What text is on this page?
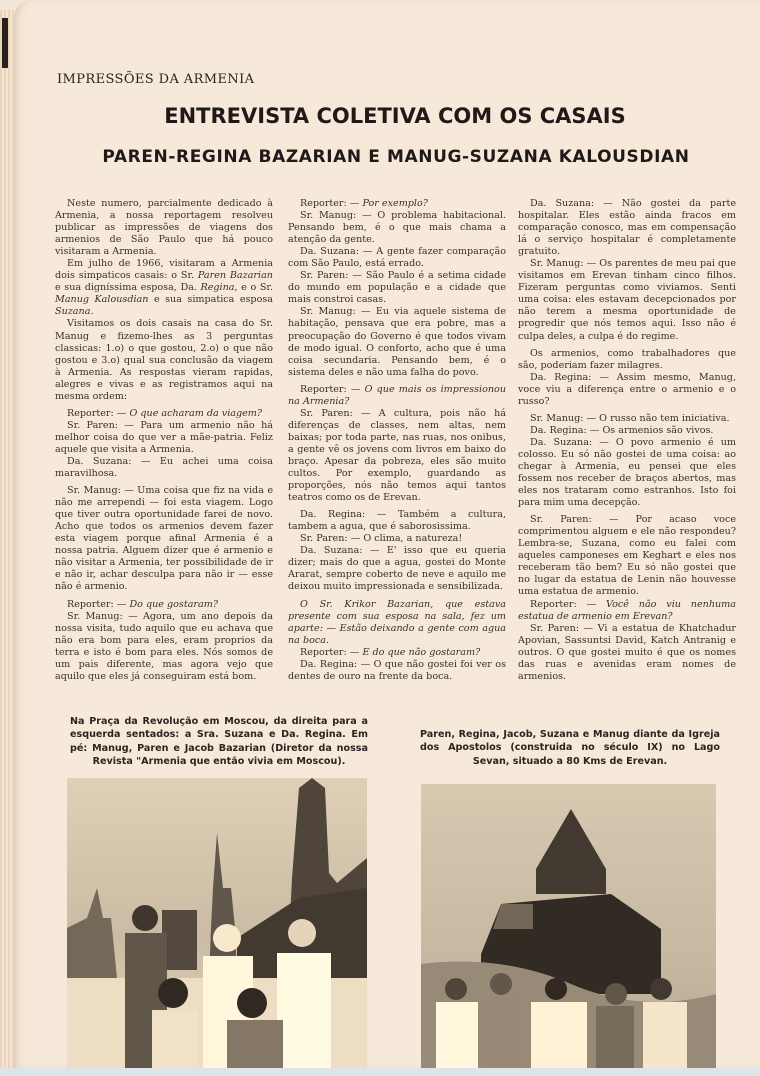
IMPRESSÕES DA ARMENIA
ENTREVISTA COLETIVA COM OS CASAIS
PAREN-REGINA BAZARIAN E MANUG-SUZANA KALOUSDIAN

Neste numero, parcialmente dedicado à Armenia, a nossa reportagem resolveu publicar as impressões de viagens dos armenios de São Paulo que há pouco visitaram a Armenia.

Em julho de 1966, visitaram a Armenia dois simpaticos casais: o Sr. Paren Bazarian e sua digníssima esposa, Da. Regina, e o Sr. Manug Kalousdian e sua simpatica esposa Suzana.

Visitamos os dois casais na casa do Sr. Manug e fizemo-lhes as 3 perguntas classicas: 1.o) o que gostou, 2.o) o que não gostou e 3.o) qual sua conclusão da viagem à Armenia. As respostas vieram rapidas, alegres e vivas e as registramos aqui na mesma ordem:

Reporter: — O que acharam da viagem?

Sr. Paren: — Para um armenio não há melhor coisa do que ver a mãe-patria. Feliz aquele que visita a Armenia.

Da. Suzana: — Eu achei uma coisa maravilhosa.

Sr. Manug: — Uma coisa que fiz na vida e não me arrependi — foi esta viagem. Logo que tiver outra oportunidade farei de novo. Acho que todos os armenios devem fazer esta viagem porque afinal Armenia é a nossa patria. Alguem dizer que é armenio e não visitar a Armenia, ter possibilidade de ir e não ir, achar desculpa para não ir — esse não é armenio.

Reporter: — Do que gostaram?

Sr. Manug: — Agora, um ano depois da nossa visita, tudo aquilo que eu achava que não era bom para eles, eram proprios da terra e isto é bom para eles. Nós somos de um pais diferente, mas agora vejo que aquilo que eles já conseguiram está bom.

Reporter: — Por exemplo?

Sr. Manug: — O problema habitacional. Pensando bem, é o que mais chama a atenção da gente.

Da. Suzana: — A gente fazer comparação com São Paulo, está errado.

Sr. Paren: — São Paulo é a setima cidade do mundo em população e a cidade que mais constroi casas.

Sr. Manug: — Eu via aquele sistema de habitação, pensava que era pobre, mas a preocupação do Governo é que todos vivam de modo igual. O conforto, acho que é uma coisa secundaria. Pensando bem, é o sistema deles e não uma falha do povo.

Reporter: — O que mais os impressionou na Armenia?

Sr. Paren: — A cultura, pois não há diferenças de classes, nem altas, nem baixas; por toda parte, nas ruas, nos onibus, a gente vê os jovens com livros em baixo do braço. Apesar da pobreza, eles são muito cultos. Por exemplo, guardando as proporções, nós não temos aqui tantos teatros como os de Erevan.

Da. Regina: — Também a cultura, tambem a agua, que é saborosissima.

Sr. Paren: — O clima, a natureza!

Da. Suzana: — E' isso que eu queria dizer; mais do que a agua, gostei do Monte Ararat, sempre coberto de neve e aquilo me deixou muito impressionada e sensibilizada.

O Sr. Krikor Bazarian, que estava presente com sua esposa na sala, fez um aparte: — Estão deixando a gente com agua na boca.

Reporter: — E do que não gostaram?

Da. Regina: — O que não gostei foi ver os dentes de ouro na frente da boca.

Da. Suzana: — Não gostei da parte hospitalar. Eles estão ainda fracos em comparação conosco, mas em compensação lá o serviço hospitalar é completamente gratuito.

Sr. Manug: — Os parentes de meu pai que visitamos em Erevan tinham cinco filhos. Fizeram perguntas como viviamos. Senti uma coisa: eles estavam decepcionados por não terem a mesma oportunidade de progredir que nós temos aqui. Isso não é culpa deles, a culpa é do regime.

Os armenios, como trabalhadores que são, poderiam fazer milagres.

Da. Regina: — Assim mesmo, Manug, voce viu a diferença entre o armenio e o russo?

Sr. Manug: — O russo não tem iniciativa.

Da. Regina: — Os armenios são vivos.

Da. Suzana: — O povo armenio é um colosso. Eu só não gostei de uma coisa: ao chegar à Armenia, eu pensei que eles fossem nos receber de braços abertos, mas eles nos trataram como estranhos. Isto foi para mim uma decepção.

Sr. Paren: — Por acaso voce comprimentou alguem e ele não respondeu? Lembra-se, Suzana, como eu falei com aqueles camponeses em Keghart e eles nos receberam tão bem? Eu só não gostei que no lugar da estatua de Lenin não houvesse uma estatua de armenio.

Reporter: — Você não viu nenhuma estatua de armenio em Erevan?

Sr. Paren: — Vi a estatua de Khatchadur Apovian, Sassuntsi David, Katch Antranig e outros. O que gostei muito é que os nomes das ruas e avenidas eram nomes de armenios.

Na Praça da Revolução em Moscou, da direita para a esquerda sentados: a Sra. Suzana e Da. Regina. Em pé: Manug, Paren e Jacob Bazarian (Diretor da nossa Revista "Armenia que então vivia em Moscou).
Paren, Regina, Jacob, Suzana e Manug diante da Igreja dos Apostolos (construida no século IX) no Lago Sevan, situado a 80 Kms de Erevan.
